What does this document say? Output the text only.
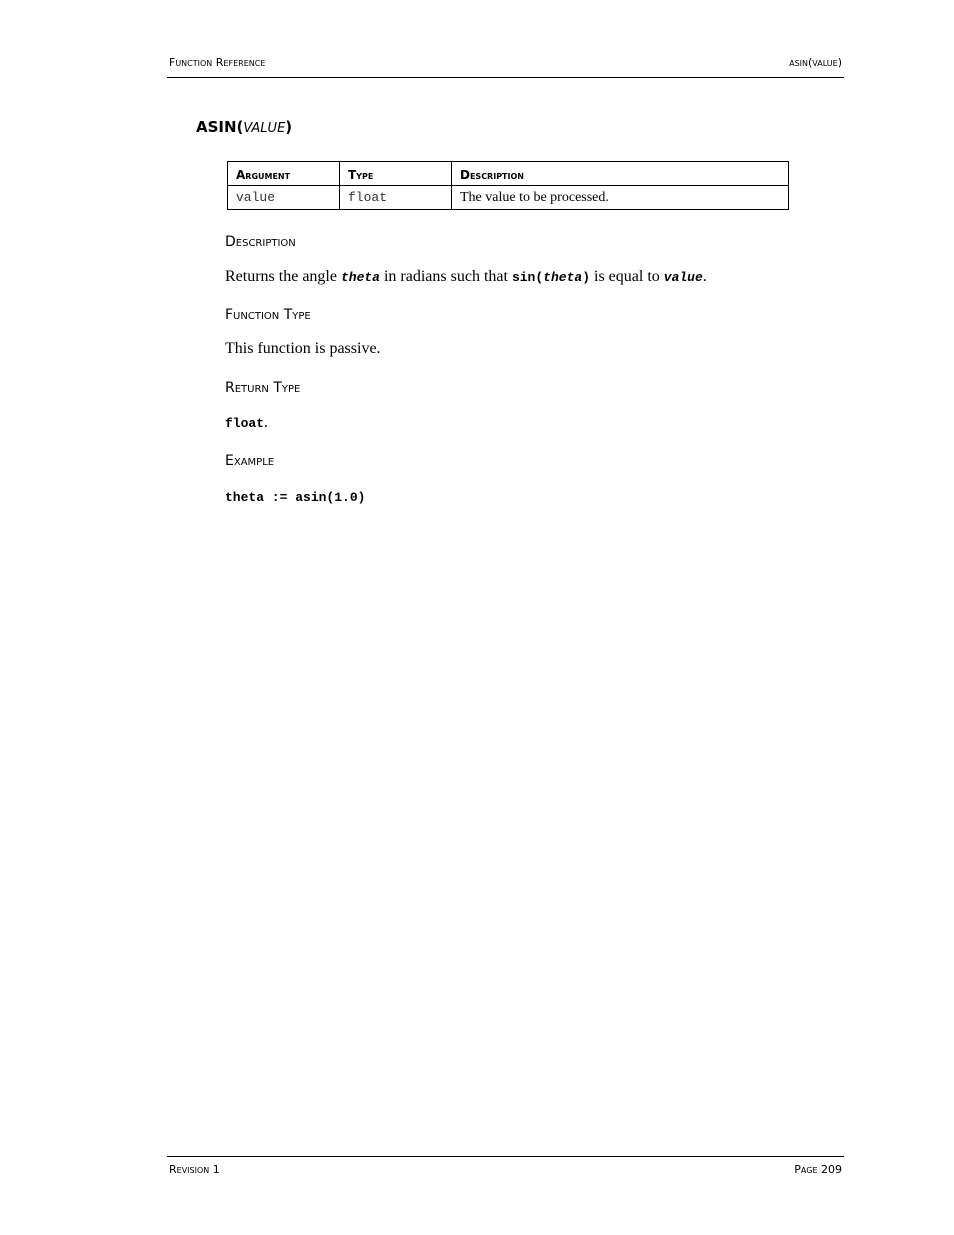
Function Reference	asin(value)
ASIN(VALUE)
Argument	Type	Description
value	float	The value to be processed.
Description
Returns the angle theta in radians such that sin(theta) is equal to value.
Function Type
This function is passive.
Return Type
float.
Example
theta := asin(1.0)
Revision 1	Page 209
